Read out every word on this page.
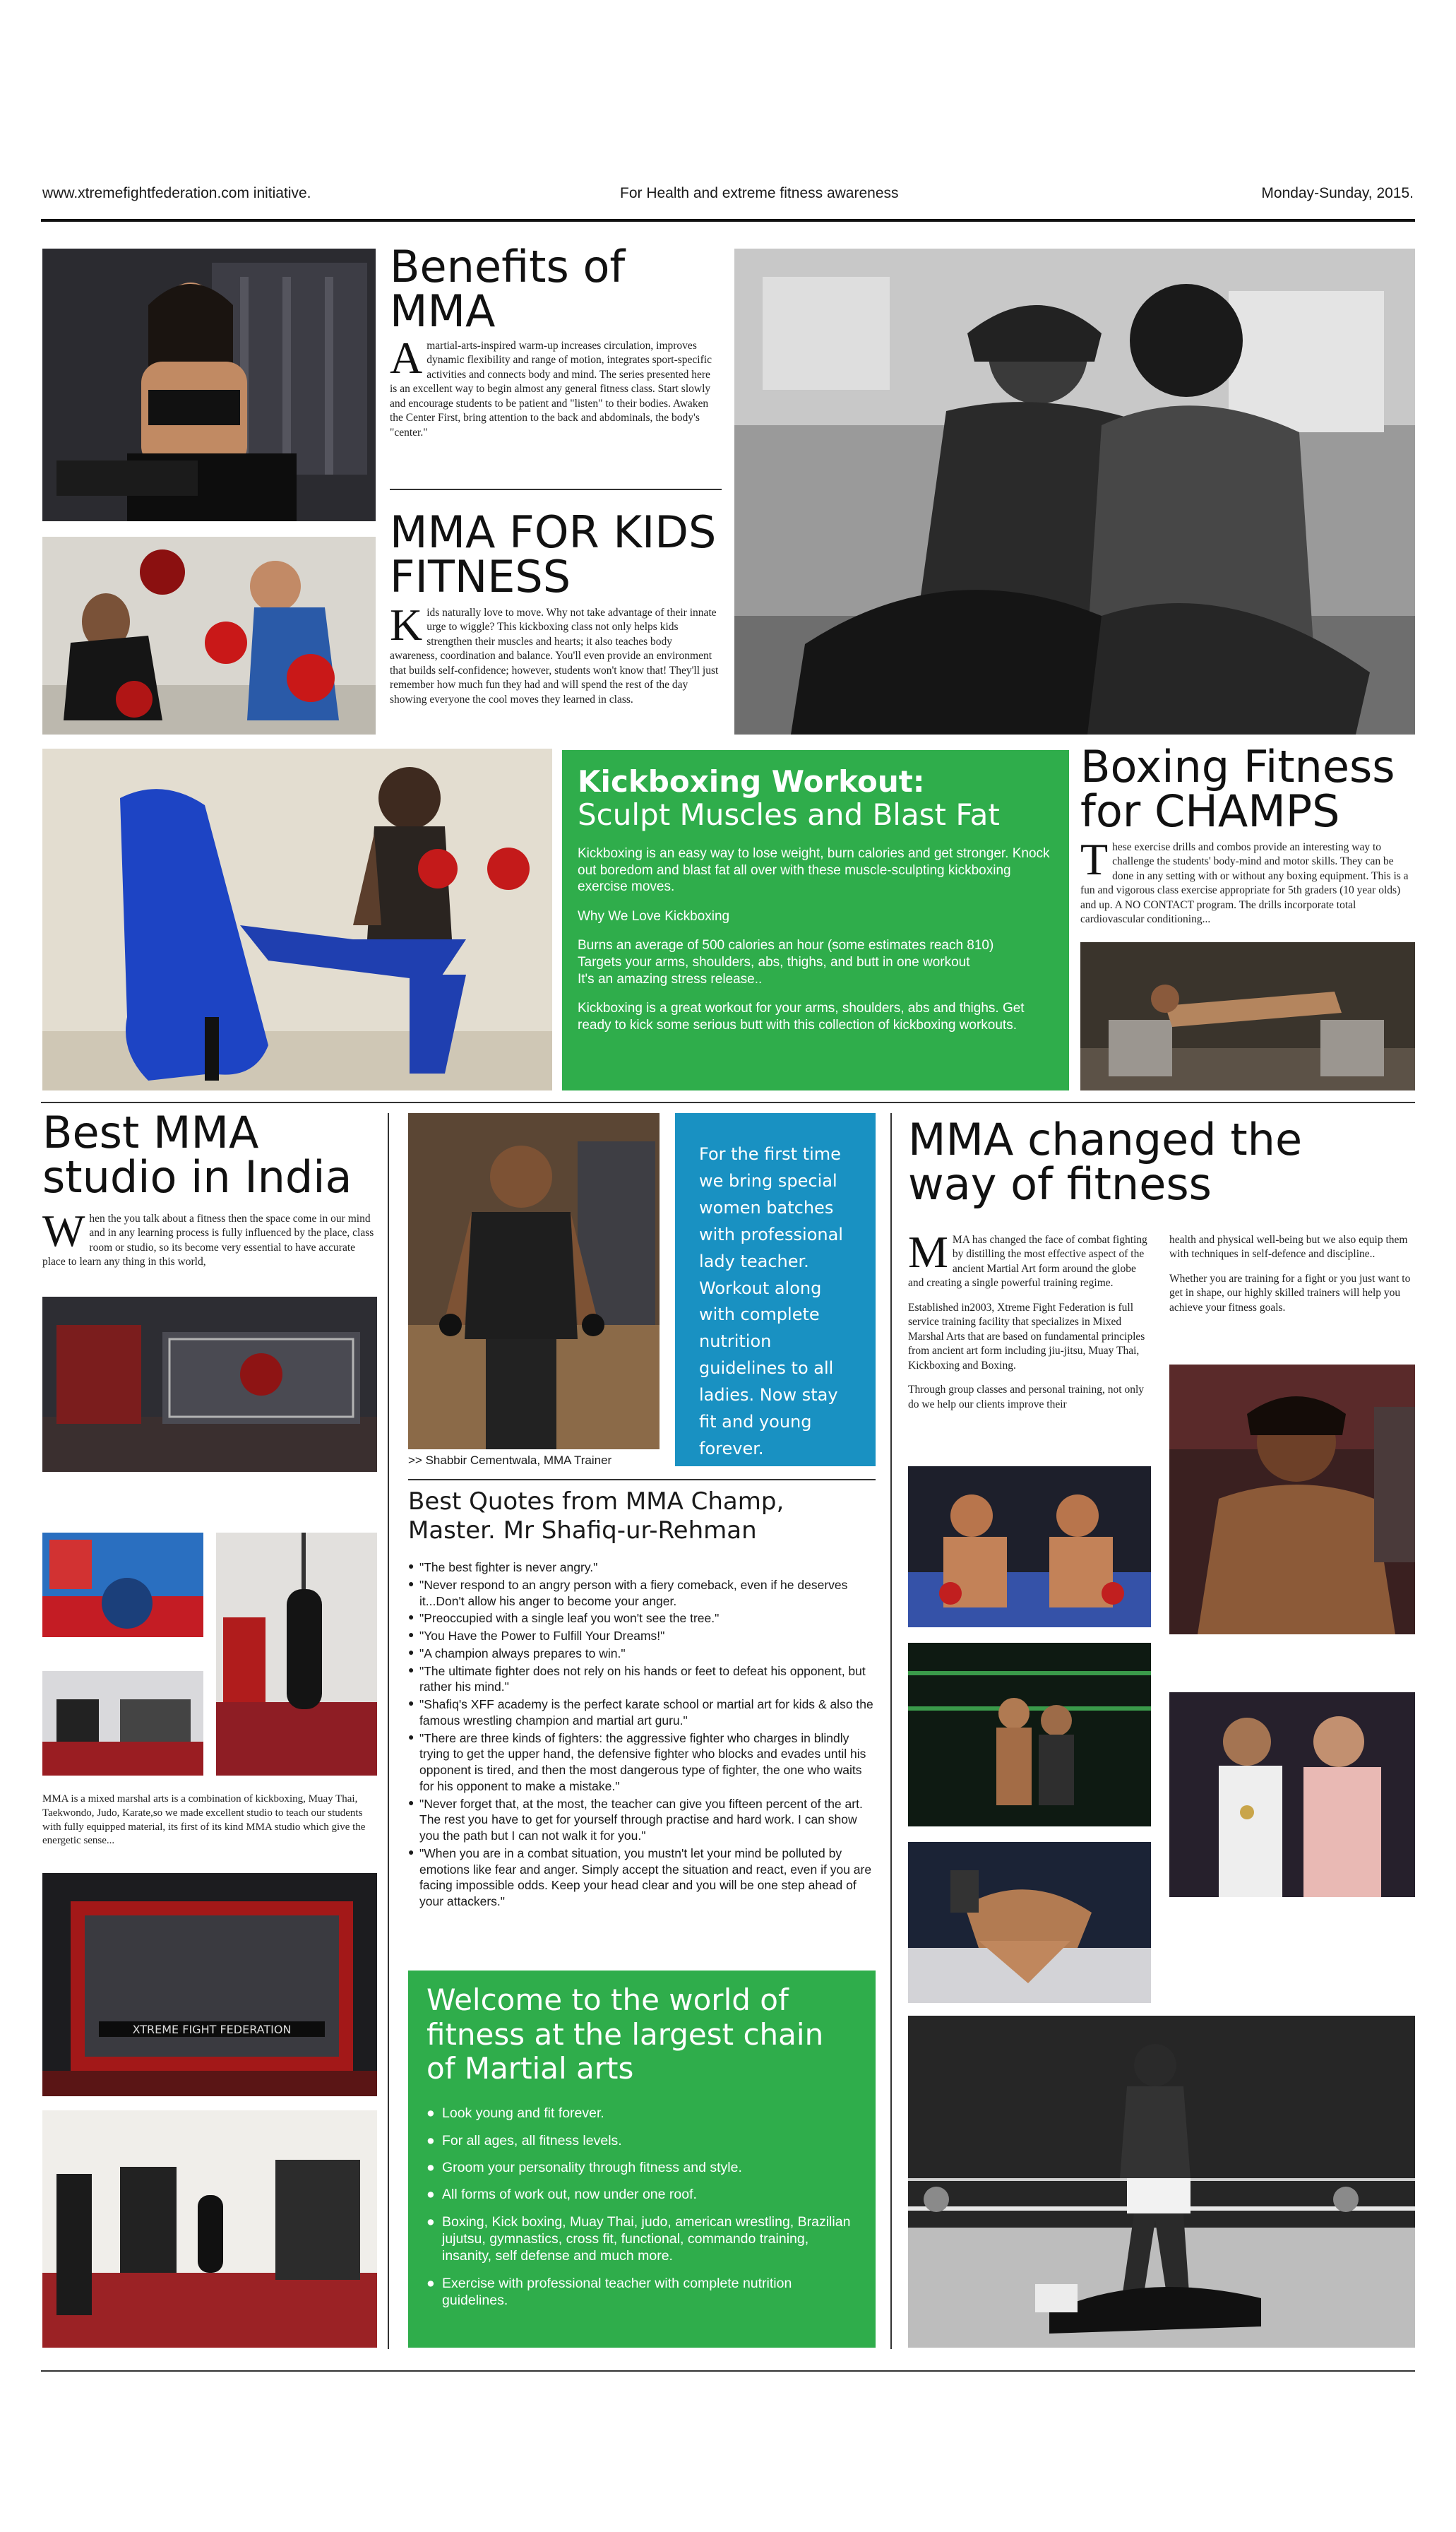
www.xtremefightfederation.com initiative.	For Health and extreme fitness awareness	Monday-Sunday, 2015.
Benefits of MMA
Amartial-arts-inspired warm-up increases circulation, improves dynamic flexibility and range of motion, integrates sport-specific activities and connects body and mind. The series presented here is an excellent way to begin almost any general fitness class. Start slowly and encourage students to be patient and "listen" to their bodies. Awaken the Center First, bring attention to the back and abdominals, the body's "center."
MMA FOR KIDS FITNESS
Kids naturally love to move. Why not take advantage of their innate urge to wiggle? This kickboxing class not only helps kids strengthen their muscles and hearts; it also teaches body awareness, coordination and balance. You'll even provide an environment that builds self-confidence; however, students won't know that! They'll just remember how much fun they had and will spend the rest of the day showing everyone the cool moves they learned in class.
Kickboxing Workout:
Sculpt Muscles and Blast Fat
Kickboxing is an easy way to lose weight, burn calories and get stronger. Knock out boredom and blast fat all over with these muscle-sculpting kickboxing exercise moves.
Why We Love Kickboxing
Burns an average of 500 calories an hour (some estimates reach 810)
Targets your arms, shoulders, abs, thighs, and butt in one workout
It's an amazing stress release..
Kickboxing is a great workout for your arms, shoulders, abs and thighs. Get ready to kick some serious butt with this collection of kickboxing workouts.
Boxing Fitness for CHAMPS
These exercise drills and combos provide an interesting way to challenge the students' body-mind and motor skills. They can be done in any setting with or without any boxing equipment. This is a fun and vigorous class exercise appropriate for 5th graders (10 year olds) and up. A NO CONTACT program. The drills incorporate total cardiovascular conditioning...
Best MMA studio in India
When the you talk about a fitness then the space come in our mind and in any learning process is fully influenced by the place, class room or studio, so its become very essential to have accurate place to learn any thing in this world,
MMA is a mixed marshal arts is a combination of kickboxing, Muay Thai, Taekwondo, Judo, Karate,so we made excellent studio to teach our students with fully equipped material, its first of its kind MMA studio which give the energetic sense...
XTREME FIGHT FEDERATION
>> Shabbir Cementwala, MMA Trainer
For the first time we bring special women batches with professional lady teacher. Workout along with complete nutrition guidelines to all ladies. Now stay fit and young forever.
Best Quotes from MMA Champ, Master. Mr Shafiq-ur-Rehman
● "The best fighter is never angry."
● "Never respond to an angry person with a fiery comeback, even if he deserves it...Don't allow his anger to become your anger.
● "Preoccupied with a single leaf you won't see the tree."
● "You Have the Power to Fulfill Your Dreams!"
● "A champion always prepares to win."
● "The ultimate fighter does not rely on his hands or feet to defeat his opponent, but rather his mind."
● "Shafiq's XFF academy is the perfect karate school or martial art for kids & also the famous wrestling champion and martial art guru."
● "There are three kinds of fighters: the aggressive fighter who charges in blindly trying to get the upper hand, the defensive fighter who blocks and evades until his opponent is tired, and then the most dangerous type of fighter, the one who waits for his opponent to make a mistake."
● "Never forget that, at the most, the teacher can give you fifteen percent of the art. The rest you have to get for yourself through practise and hard work. I can show you the path but I can not walk it for you."
● "When you are in a combat situation, you mustn't let your mind be polluted by emotions like fear and anger. Simply accept the situation and react, even if you are facing impossible odds. Keep your head clear and you will be one step ahead of your attackers."
Welcome to the world of fitness at the largest chain of Martial arts
● Look young and fit forever.
● For all ages, all fitness levels.
● Groom your personality through fitness and style.
● All forms of work out, now under one roof.
● Boxing, Kick boxing, Muay Thai, judo, american wrestling, Brazilian jujutsu, gymnastics, cross fit, functional, commando training, insanity, self defense and much more.
● Exercise with professional teacher with complete nutrition guidelines.
MMA changed the way of fitness
MMA has changed the face of combat fighting by distilling the most effective aspect of the ancient Martial Art form around the globe and creating a single powerful training regime.
Established in2003, Xtreme Fight Federation is full service training facility that specializes in Mixed Marshal Arts that are based on fundamental principles from ancient art form including jiu-jitsu, Muay Thai, Kickboxing and Boxing.
Through group classes and personal training, not only do we help our clients improve their
health and physical well-being but we also equip them with techniques in self-defence and discipline..
Whether you are training for a fight or you just want to get in shape, our highly skilled trainers will help you achieve your fitness goals.
